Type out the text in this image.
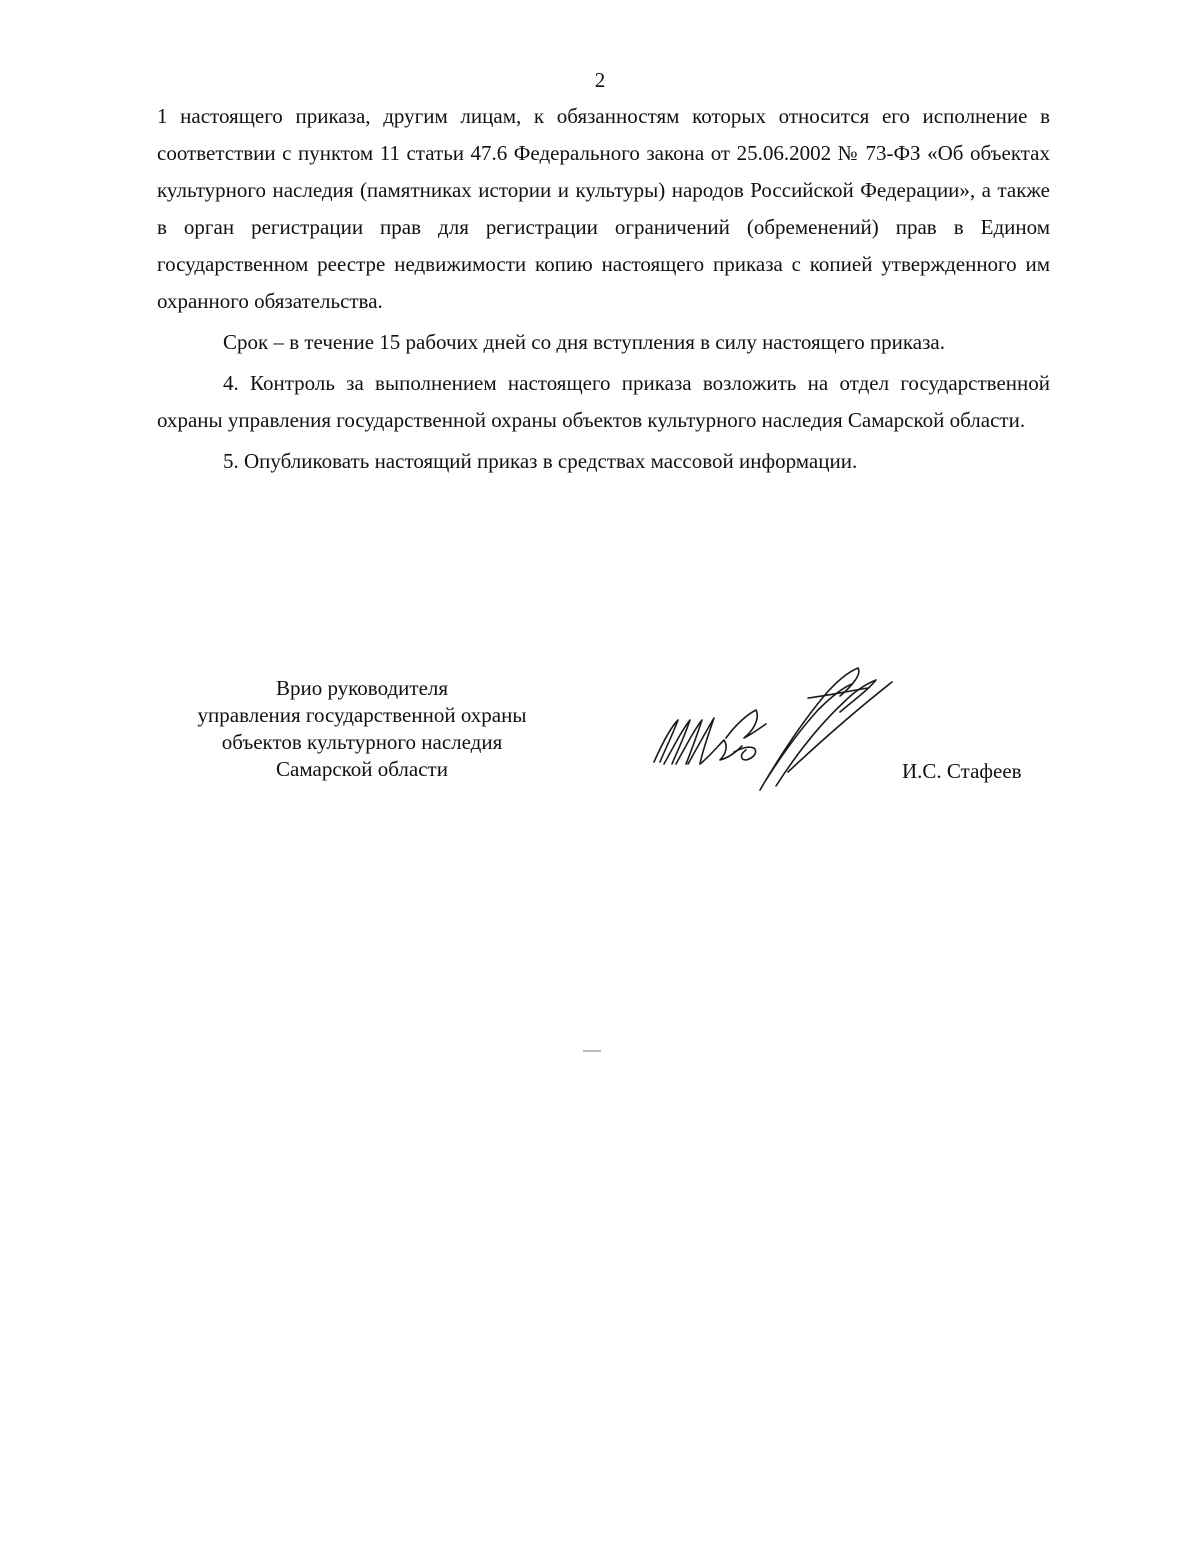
2

1 настоящего приказа, другим лицам, к обязанностям которых относится его исполнение в соответствии с пунктом 11 статьи 47.6 Федерального закона от 25.06.2002 № 73-ФЗ «Об объектах культурного наследия (памятниках истории и культуры) народов Российской Федерации», а также в орган регистрации прав для регистрации ограничений (обременений) прав в Едином государственном реестре недвижимости копию настоящего приказа с копией утвержденного им охранного обязательства.

Срок – в течение 15 рабочих дней со дня вступления в силу настоящего приказа.

4. Контроль за выполнением настоящего приказа возложить на отдел государственной охраны управления государственной охраны объектов культурного наследия Самарской области.

5. Опубликовать настоящий приказ в средствах массовой информации.

Врио руководителя
управления государственной охраны
объектов культурного наследия
Самарской области	И.С. Стафеев
